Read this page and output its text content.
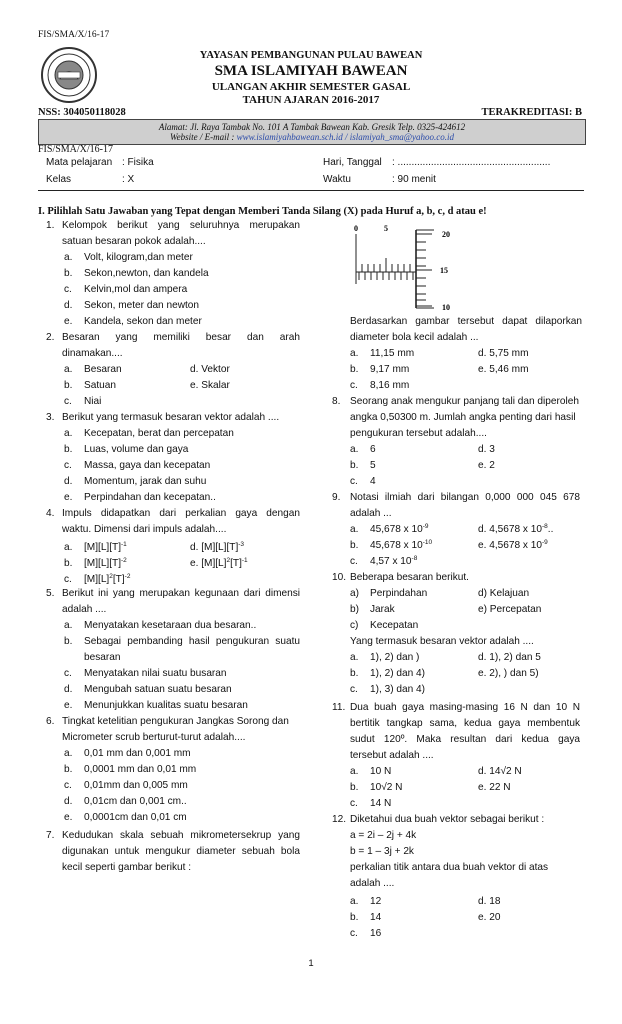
FIS/SMA/X/16-17
YAYASAN PEMBANGUNAN PULAU BAWEAN
SMA ISLAMIYAH BAWEAN
ULANGAN AKHIR SEMESTER GASAL
TAHUN AJARAN 2016-2017
NSS: 304050118028	TERAKREDITASI: B
Alamat: Jl. Raya Tambak No. 101 A Tambak Bawean Kab. Gresik Telp. 0325-424612
Website / E-mail : www.islamiyahbawean.sch.id / islamiyah_sma@yahoo.co.id
FIS/SMA/X/16-17
Mata pelajaran : Fisika
Kelas	: X
Hari, Tanggal : .......................................................
Waktu	: 90 menit
I. Pilihlah Satu Jawaban yang Tepat dengan Memberi Tanda Silang (X) pada Huruf a, b, c, d atau e!
1. Kelompok berikut yang seluruhnya merupakan
satuan besaran pokok adalah....
a. Volt, kilogram,dan meter
b. Sekon,newton, dan kandela
c. Kelvin,mol dan ampera
d. Sekon, meter dan newton
e. Kandela, sekon dan meter
2. Besaran yang memiliki besar dan arah
dinamakan....
a. Besaran	d. Vektor
b. Satuan	e. Skalar
c. Niai
3. Berikut yang termasuk besaran vektor adalah ....
a. Kecepatan, berat dan percepatan
b. Luas, volume dan gaya
c. Massa, gaya dan kecepatan
d. Momentum, jarak dan suhu
e. Perpindahan dan kecepatan..
4. Impuls didapatkan dari perkalian gaya dengan
waktu. Dimensi dari impuls adalah....
a. $[M][L][T]^{-1}$	d. $[M][L][T]^{-3}$
b. $[M][L][T]^{-2}$	e. $[M][L]^2[T]^{-1}$
c. $[M][L]^2[T]^{-2}$
5. Berikut ini yang merupakan kegunaan dari dimensi
adalah ....
a. Menyatakan kesetaraan dua besaran..
b. Sebagai pembanding hasil pengukuran suatu
besaran
c. Menyatakan nilai suatu busaran
d. Mengubah satuan suatu besaran
e. Menunjukkan kualitas suatu besaran
6. Tingkat ketelitian pengukuran Jangkas Sorong dan
Micrometer scrub berturut-turut adalah....
a. 0,01 mm dan 0,001 mm
b. 0,0001 mm dan 0,01 mm
c. 0,01mm dan 0,005 mm
d. 0,01cm dan 0,001 cm..
e. 0,0001cm dan 0,01 cm
7. Kedudukan skala sebuah mikrometersekrup yang
digunakan untuk mengukur diameter sebuah bola
kecil seperti gambar berikut :
0	5
20
15
10
Berdasarkan gambar tersebut dapat dilaporkan
diameter bola kecil adalah ...
a. 11,15 mm	d. 5,75 mm
b. 9,17 mm	e. 5,46 mm
c. 8,16 mm
8. Seorang anak mengukur panjang tali dan diperoleh
angka 0,50300 m. Jumlah angka penting dari hasil
pengukuran tersebut adalah....
a. 6	d. 3
b. 5	e. 2
c. 4
9. Notasi ilmiah dari bilangan 0,000 000 045 678
adalah ...
a. 45,678 x $10^{-9}$	d. 4,5678 x $10^{-8}$..
b. 45,678 x $10^{-10}$	e. 4,5678 x $10^{-9}$
c. 4,57 x $10^{-8}$
10. Beberapa besaran berikut.
a) Perpindahan	d) Kelajuan
b) Jarak	e) Percepatan
c) Kecepatan
Yang termasuk besaran vektor adalah ....
a. 1), 2) dan )	d. 1), 2) dan 5
b. 1), 2) dan 4)	e. 2), ) dan 5)
c. 1), 3) dan 4)
11. Dua buah gaya masing-masing 16 N dan 10 N
bertitik tangkap sama, kedua gaya membentuk
sudut 120º. Maka resultan dari kedua gaya
tersebut adalah ....
a. 10 N	d. 14√2 N
b. 10√2 N	e. 22 N
c. 14 N
12. Diketahui dua buah vektor sebagai berikut :
a = 2i – 2j + 4k
b = 1 – 3j + 2k
perkalian titik antara dua buah vektor di atas
adalah ....
a. 12	d. 18
b. 14	e. 20
c. 16
1
